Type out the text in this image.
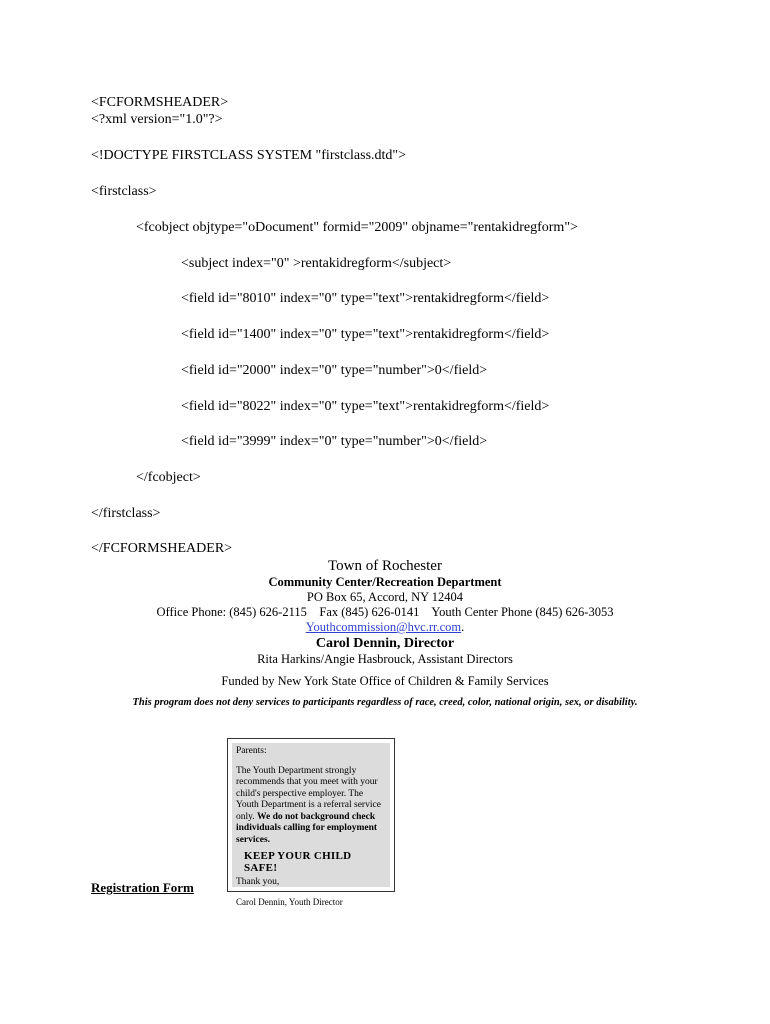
<FCFORMSHEADER>
<?xml version="1.0"?>
<!DOCTYPE FIRSTCLASS SYSTEM "firstclass.dtd">
<firstclass>
<fcobject objtype="oDocument" formid="2009" objname="rentakidregform">
<subject index="0" >rentakidregform</subject>
<field id="8010" index="0" type="text">rentakidregform</field>
<field id="1400" index="0" type="text">rentakidregform</field>
<field id="2000" index="0" type="number">0</field>
<field id="8022" index="0" type="text">rentakidregform</field>
<field id="3999" index="0" type="number">0</field>
</fcobject>
</firstclass>
</FCFORMSHEADER>
Town of Rochester
Community Center/Recreation Department
PO Box 65, Accord, NY 12404
Office Phone: (845) 626-2115    Fax (845) 626-0141    Youth Center Phone (845) 626-3053
Youthcommission@hvc.rr.com.
Carol Dennin, Director
Rita Harkins/Angie Hasbrouck, Assistant Directors
Funded by New York State Office of Children & Family Services
This program does not deny services to participants regardless of race, creed, color, national origin, sex, or disability.

Parents:

The Youth Department strongly recommends that you meet with your child's perspective employer. The Youth Department is a referral service only. We do not background check individuals calling for employment services.

KEEP YOUR CHILD SAFE!

Thank you,

Carol Dennin, Youth Director

Registration Form
